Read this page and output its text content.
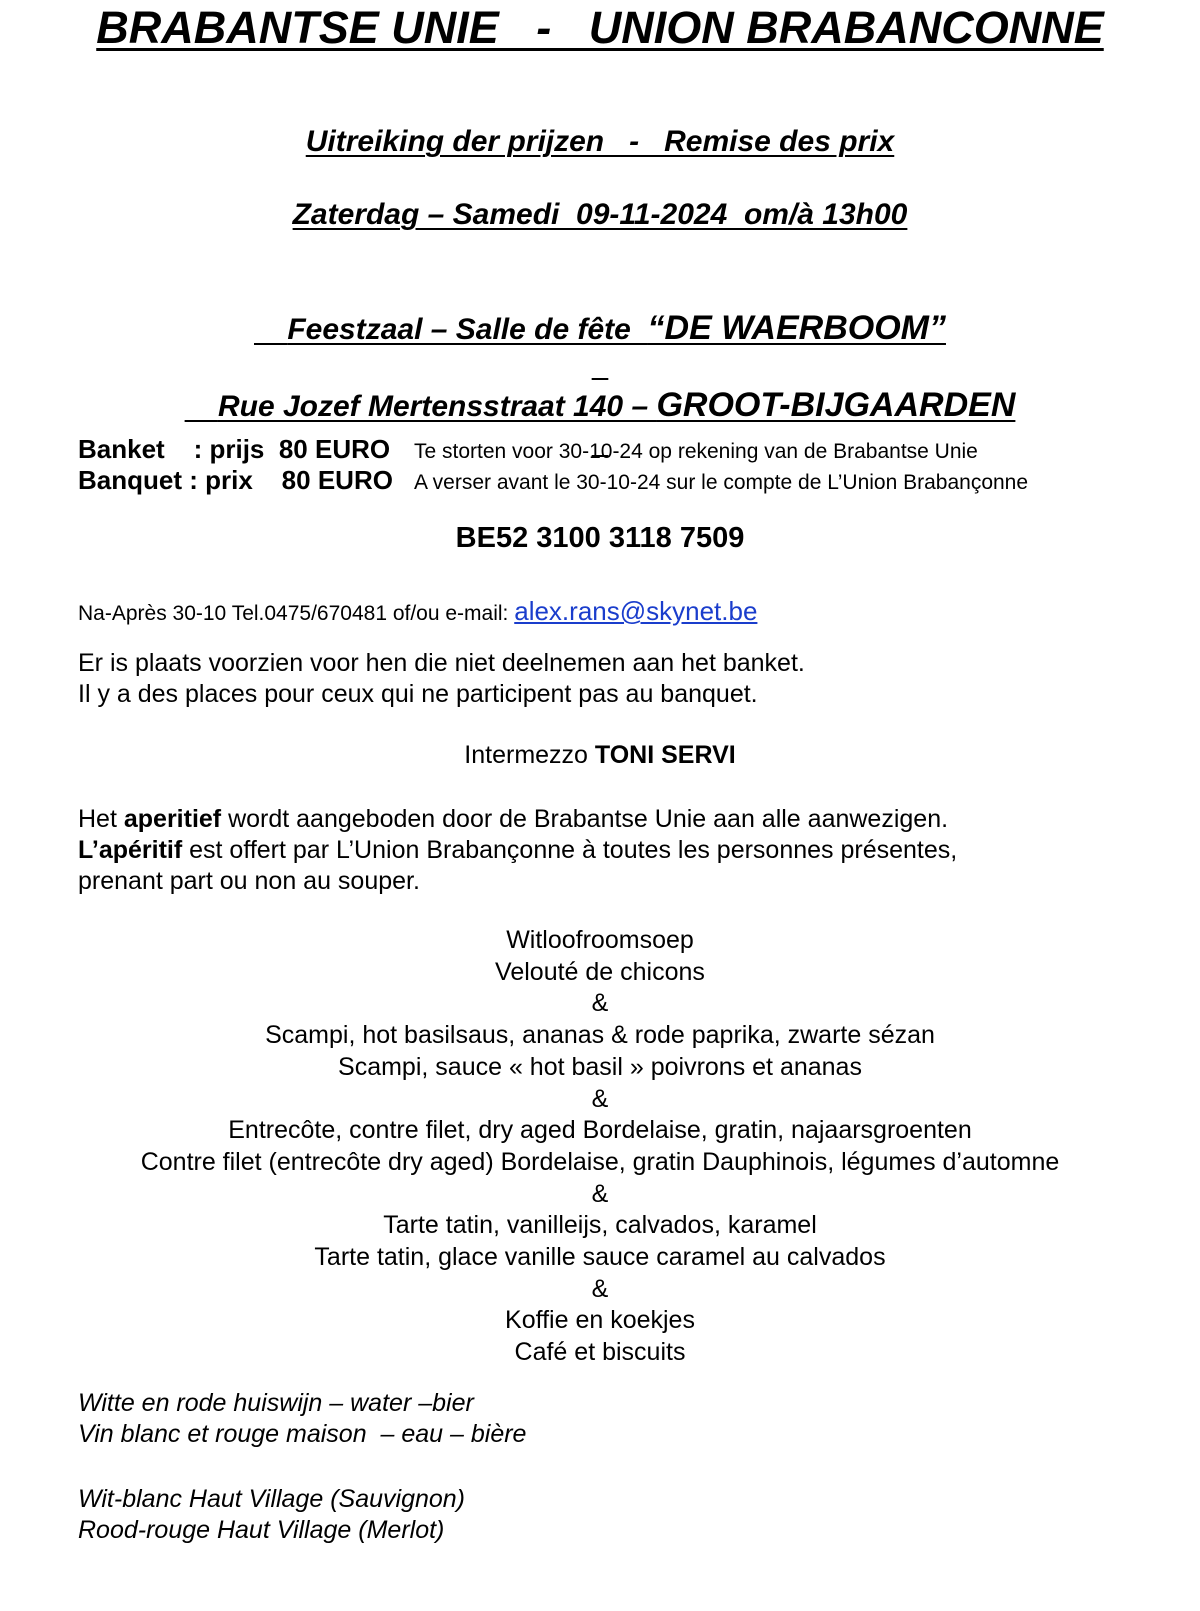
BRABANTSE UNIE   -   UNION BRABANCONNE
Uitreiking der prijzen   -   Remise des prix
Zaterdag – Samedi  09-11-2024  om/à 13h00

Feestzaal – Salle de fête  “DE WAERBOOM”

Rue Jozef Mertensstraat 140 – GROOT-BIJGAARDEN

Banket    : prijs  80 EURO Te storten voor 30-10-24 op rekening van de Brabantse Unie
Banquet : prix    80 EURO A verser avant le 30-10-24 sur le compte de L’Union Brabançonne
BE52 3100 3118 7509
Na-Après 30-10 Tel.0475/670481 of/ou e-mail: alex.rans@skynet.be
Er is plaats voorzien voor hen die niet deelnemen aan het banket.
Il y a des places pour ceux qui ne participent pas au banquet.
Intermezzo TONI SERVI
Het aperitief wordt aangeboden door de Brabantse Unie aan alle aanwezigen.
L’apéritif est offert par L’Union Brabançonne à toutes les personnes présentes,
prenant part ou non au souper.
Witloofroomsoep
Velouté de chicons
&
Scampi, hot basilsaus, ananas & rode paprika, zwarte sézan
Scampi, sauce « hot basil » poivrons et ananas
&
Entrecôte, contre filet, dry aged Bordelaise, gratin, najaarsgroenten
Contre filet (entrecôte dry aged) Bordelaise, gratin Dauphinois, légumes d’automne
&
Tarte tatin, vanilleijs, calvados, karamel
Tarte tatin, glace vanille sauce caramel au calvados
&
Koffie en koekjes
Café et biscuits
Witte en rode huiswijn – water –bier
Vin blanc et rouge maison  – eau – bière
Wit-blanc Haut Village (Sauvignon)
Rood-rouge Haut Village (Merlot)
